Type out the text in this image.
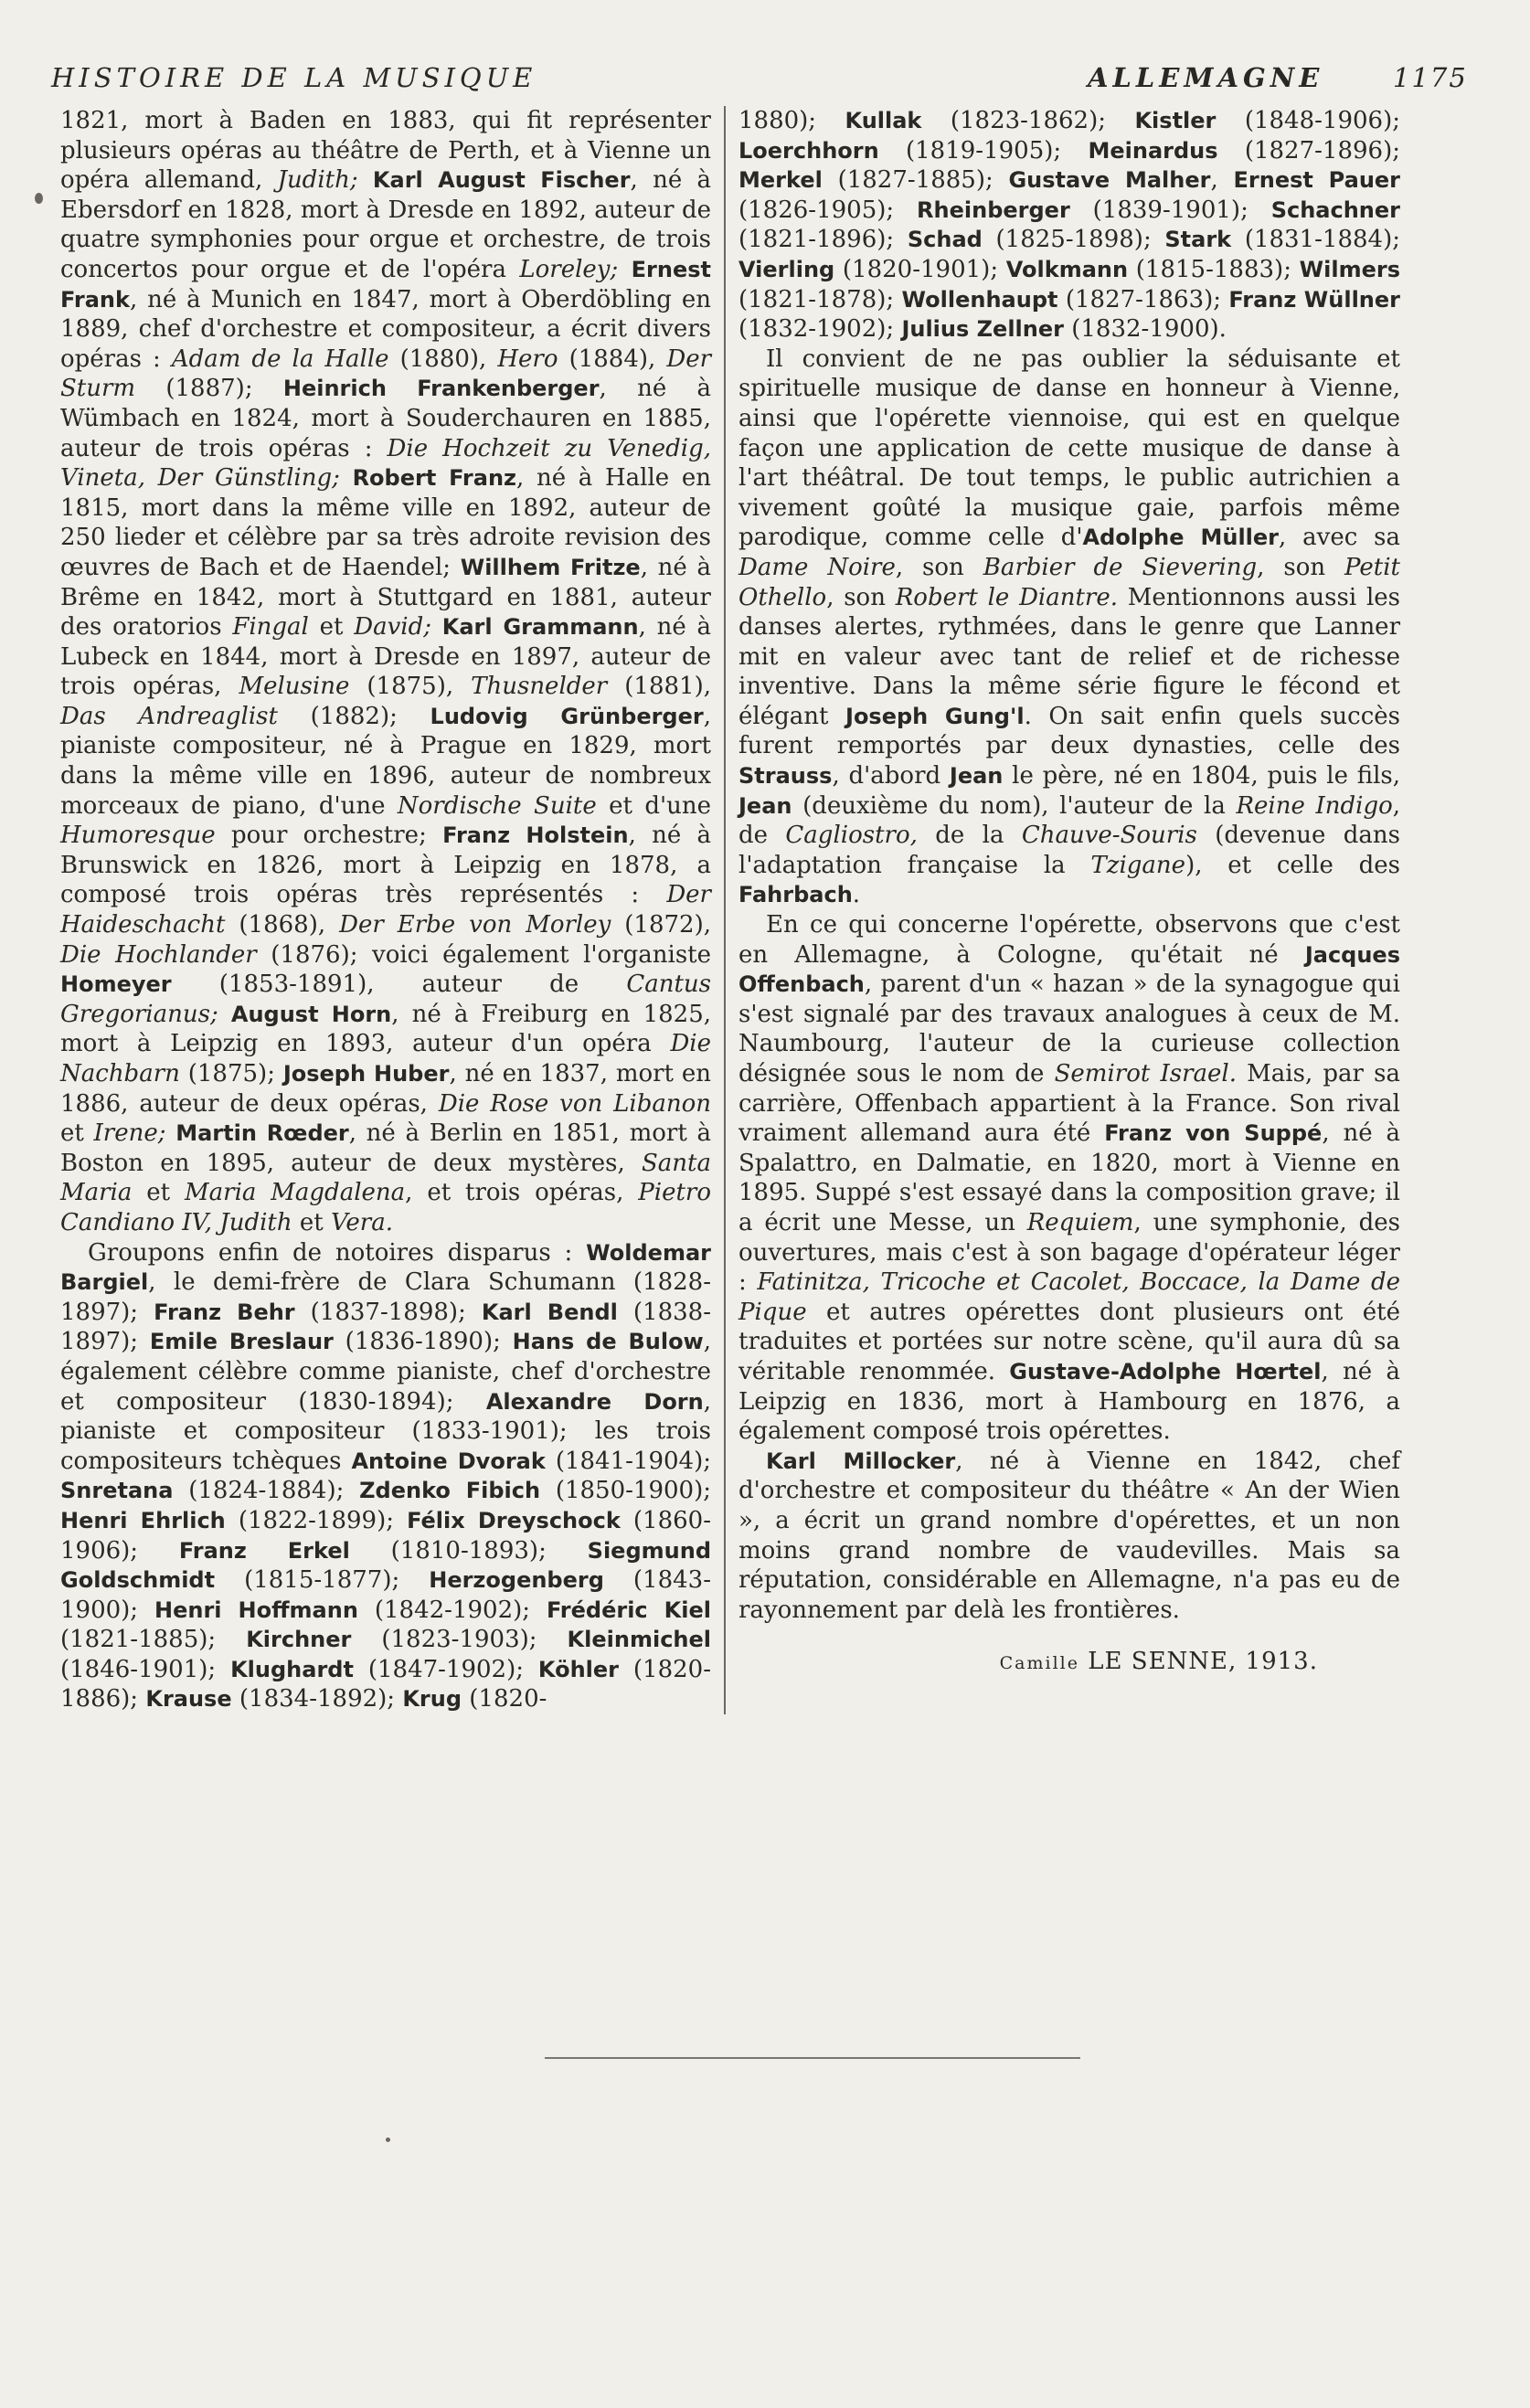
HISTOIRE DE LA MUSIQUE	ALLEMAGNE	1175

1821, mort à Baden en 1883, qui fit représenter plusieurs opéras au théâtre de Perth, et à Vienne un opéra allemand, Judith; Karl August Fischer, né à Ebersdorf en 1828, mort à Dresde en 1892, auteur de quatre symphonies pour orgue et orchestre, de trois concertos pour orgue et de l'opéra Loreley; Ernest Frank, né à Munich en 1847, mort à Oberdöbling en 1889, chef d'orchestre et compositeur, a écrit divers opéras : Adam de la Halle (1880), Hero (1884), Der Sturm (1887); Heinrich Frankenberger, né à Wümbach en 1824, mort à Souderchauren en 1885, auteur de trois opéras : Die Hochzeit zu Venedig, Vineta, Der Günstling; Robert Franz, né à Halle en 1815, mort dans la même ville en 1892, auteur de 250 lieder et célèbre par sa très adroite revision des œuvres de Bach et de Haendel; Willhem Fritze, né à Brême en 1842, mort à Stuttgard en 1881, auteur des oratorios Fingal et David; Karl Grammann, né à Lubeck en 1844, mort à Dresde en 1897, auteur de trois opéras, Melusine (1875), Thusnelder (1881), Das Andreaglist (1882); Ludovig Grünberger, pianiste compositeur, né à Prague en 1829, mort dans la même ville en 1896, auteur de nombreux morceaux de piano, d'une Nordische Suite et d'une Humoresque pour orchestre; Franz Holstein, né à Brunswick en 1826, mort à Leipzig en 1878, a composé trois opéras très représentés : Der Haideschacht (1868), Der Erbe von Morley (1872), Die Hochlander (1876); voici également l'organiste Homeyer (1853-1891), auteur de Cantus Gregorianus; August Horn, né à Freiburg en 1825, mort à Leipzig en 1893, auteur d'un opéra Die Nachbarn (1875); Joseph Huber, né en 1837, mort en 1886, auteur de deux opéras, Die Rose von Libanon et Irene; Martin Rœder, né à Berlin en 1851, mort à Boston en 1895, auteur de deux mystères, Santa Maria et Maria Magdalena, et trois opéras, Pietro Candiano IV, Judith et Vera.

Groupons enfin de notoires disparus : Woldemar Bargiel, le demi-frère de Clara Schumann (1828-1897); Franz Behr (1837-1898); Karl Bendl (1838-1897); Emile Breslaur (1836-1890); Hans de Bulow, également célèbre comme pianiste, chef d'orchestre et compositeur (1830-1894); Alexandre Dorn, pianiste et compositeur (1833-1901); les trois compositeurs tchèques Antoine Dvorak (1841-1904); Snretana (1824-1884); Zdenko Fibich (1850-1900); Henri Ehrlich (1822-1899); Félix Dreyschock (1860-1906); Franz Erkel (1810-1893); Siegmund Goldschmidt (1815-1877); Herzogenberg (1843-1900); Henri Hoffmann (1842-1902); Frédéric Kiel (1821-1885); Kirchner (1823-1903); Kleinmichel (1846-1901); Klughardt (1847-1902); Köhler (1820-1886); Krause (1834-1892); Krug (1820-

1880); Kullak (1823-1862); Kistler (1848-1906); Loerchhorn (1819-1905); Meinardus (1827-1896); Merkel (1827-1885); Gustave Malher, Ernest Pauer (1826-1905); Rheinberger (1839-1901); Schachner (1821-1896); Schad (1825-1898); Stark (1831-1884); Vierling (1820-1901); Volkmann (1815-1883); Wilmers (1821-1878); Wollenhaupt (1827-1863); Franz Wüllner (1832-1902); Julius Zellner (1832-1900).

Il convient de ne pas oublier la séduisante et spirituelle musique de danse en honneur à Vienne, ainsi que l'opérette viennoise, qui est en quelque façon une application de cette musique de danse à l'art théâtral. De tout temps, le public autrichien a vivement goûté la musique gaie, parfois même parodique, comme celle d'Adolphe Müller, avec sa Dame Noire, son Barbier de Sievering, son Petit Othello, son Robert le Diantre. Mentionnons aussi les danses alertes, rythmées, dans le genre que Lanner mit en valeur avec tant de relief et de richesse inventive. Dans la même série figure le fécond et élégant Joseph Gung'l. On sait enfin quels succès furent remportés par deux dynasties, celle des Strauss, d'abord Jean le père, né en 1804, puis le fils, Jean (deuxième du nom), l'auteur de la Reine Indigo, de Cagliostro, de la Chauve-Souris (devenue dans l'adaptation française la Tzigane), et celle des Fahrbach.

En ce qui concerne l'opérette, observons que c'est en Allemagne, à Cologne, qu'était né Jacques Offenbach, parent d'un « hazan » de la synagogue qui s'est signalé par des travaux analogues à ceux de M. Naumbourg, l'auteur de la curieuse collection désignée sous le nom de Semirot Israel. Mais, par sa carrière, Offenbach appartient à la France. Son rival vraiment allemand aura été Franz von Suppé, né à Spalattro, en Dalmatie, en 1820, mort à Vienne en 1895. Suppé s'est essayé dans la composition grave; il a écrit une Messe, un Requiem, une symphonie, des ouvertures, mais c'est à son bagage d'opérateur léger : Fatinitza, Tricoche et Cacolet, Boccace, la Dame de Pique et autres opérettes dont plusieurs ont été traduites et portées sur notre scène, qu'il aura dû sa véritable renommée. Gustave-Adolphe Hœrtel, né à Leipzig en 1836, mort à Hambourg en 1876, a également composé trois opérettes.

Karl Millocker, né à Vienne en 1842, chef d'orchestre et compositeur du théâtre « An der Wien », a écrit un grand nombre d'opérettes, et un non moins grand nombre de vaudevilles. Mais sa réputation, considérable en Allemagne, n'a pas eu de rayonnement par delà les frontières.

Camille LE SENNE, 1913.
